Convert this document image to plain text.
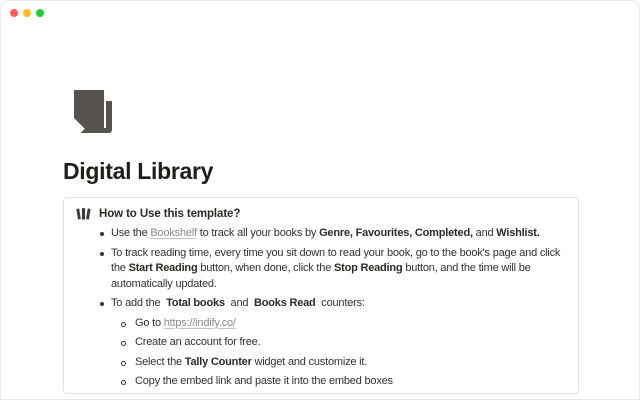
Digital Library
How to Use this template?
Use the Bookshelf to track all your books by Genre, Favourites, Completed, and Wishlist.
To track reading time, every time you sit down to read your book, go to the book's page and click the Start Reading button, when done, click the Stop Reading button, and the time will be automatically updated.
To add the  Total books  and  Books Read  counters:
Go to https://indify.co/
Create an account for free.
Select the Tally Counter widget and customize it.
Copy the embed link and paste it into the embed boxes
